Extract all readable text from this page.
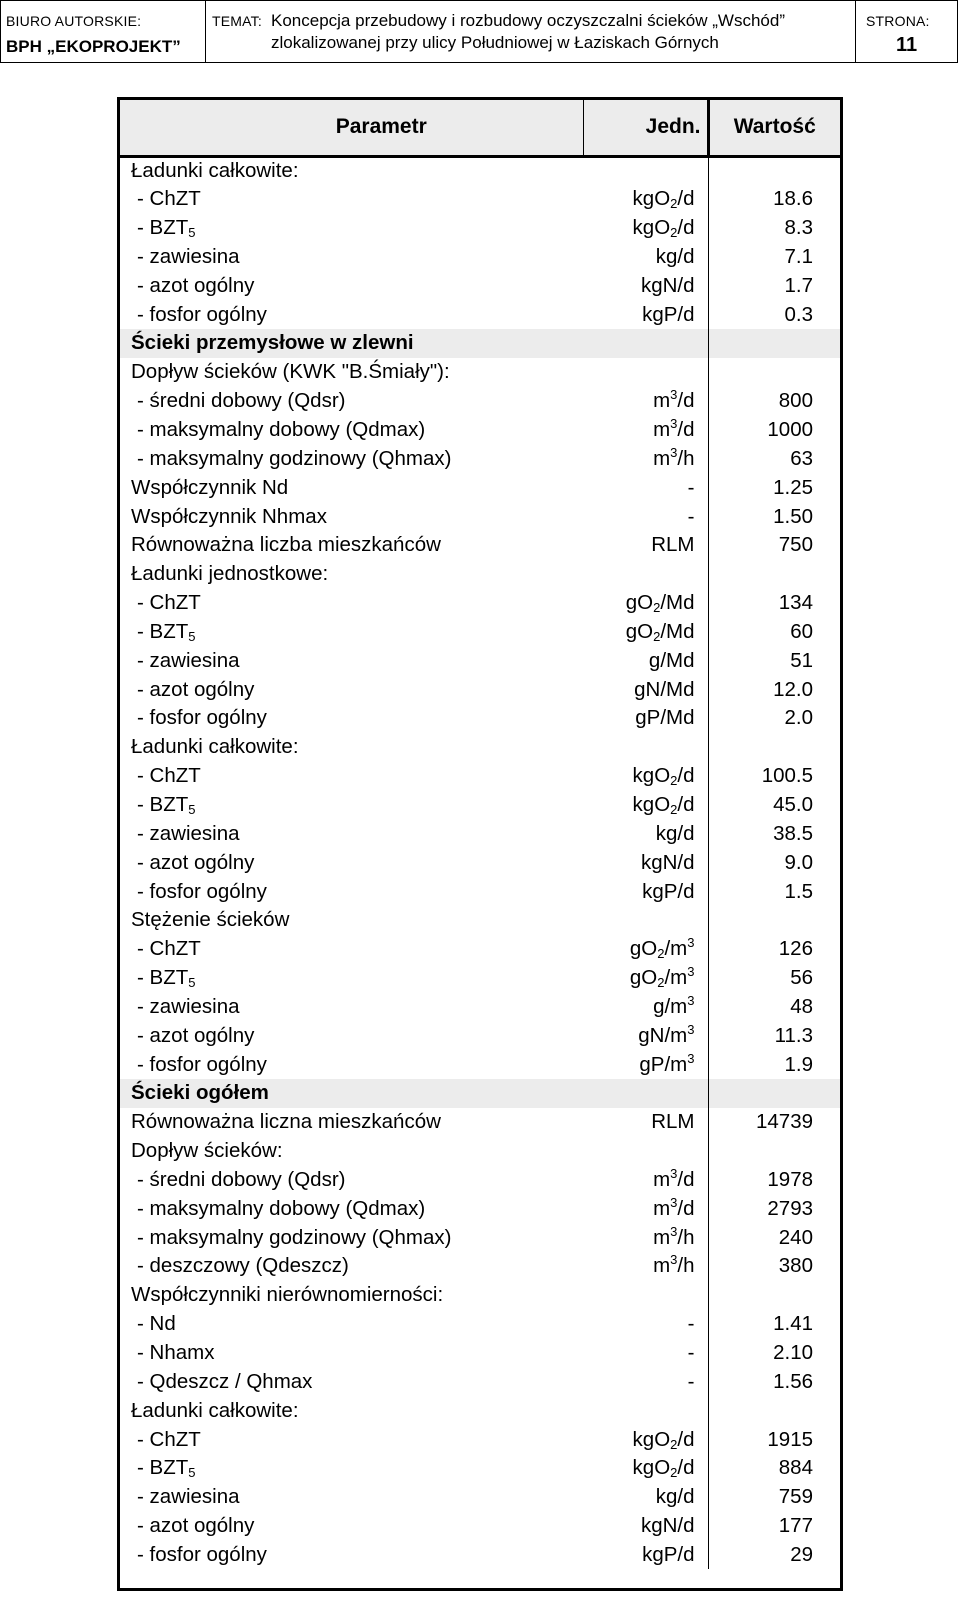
BIURO AUTORSKIE:
BPH „EKOPROJEKT”
TEMAT: Koncepcja przebudowy i rozbudowy oczyszczalni ścieków „Wschód”
zlokalizowanej przy ulicy Południowej w Łaziskach Górnych
STRONA:
11
Parametr	Jedn.	Wartość
Ładunki całkowite:		
- ChZT	kgO$_2$/d	18.6
- $BZT_5$	kgO$_2$/d	8.3
- zawiesina	kg/d	7.1
- azot ogólny	kgN/d	1.7
- fosfor ogólny	kgP/d	0.3
Ścieki przemysłowe w zlewni		
Dopływ ścieków (KWK "B.Śmiały"):		
- średni dobowy (Qdsr)	$m^3/d$	800
- maksymalny dobowy (Qdmax)	$m^3/d$	1000
- maksymalny godzinowy (Qhmax)	$m^3/h$	63
Współczynnik Nd	-	1.25
Współczynnik Nhmax	-	1.50
Równoważna liczba mieszkańców	RLM	750
Ładunki jednostkowe:		
- ChZT	$gO_2/Md$	134
- $BZT_5$	$gO_2/Md$	60
- zawiesina	g/Md	51
- azot ogólny	gN/Md	12.0
- fosfor ogólny	gP/Md	2.0
Ładunki całkowite:		
- ChZT	kgO$_2$/d	100.5
- $BZT_5$	kgO$_2$/d	45.0
- zawiesina	kg/d	38.5
- azot ogólny	kgN/d	9.0
- fosfor ogólny	kgP/d	1.5
Stężenie ścieków		
- ChZT	$gO_2/m^3$	126
- $BZT_5$	$gO_2/m^3$	56
- zawiesina	$g/m^3$	48
- azot ogólny	$gN/m^3$	11.3
- fosfor ogólny	$gP/m^3$	1.9
Ścieki ogółem		
Równoważna liczna mieszkańców	RLM	14739
Dopływ ścieków:		
- średni dobowy (Qdsr)	$m^3/d$	1978
- maksymalny dobowy (Qdmax)	$m^3/d$	2793
- maksymalny godzinowy (Qhmax)	$m^3/h$	240
- deszczowy (Qdeszcz)	$m^3/h$	380
Współczynniki nierównomierności:		
- Nd	-	1.41
- Nhamx	-	2.10
- Qdeszcz / Qhmax	-	1.56
Ładunki całkowite:		
- ChZT	kgO$_2$/d	1915
- $BZT_5$	kgO$_2$/d	884
- zawiesina	kg/d	759
- azot ogólny	kgN/d	177
- fosfor ogólny	kgP/d	29
